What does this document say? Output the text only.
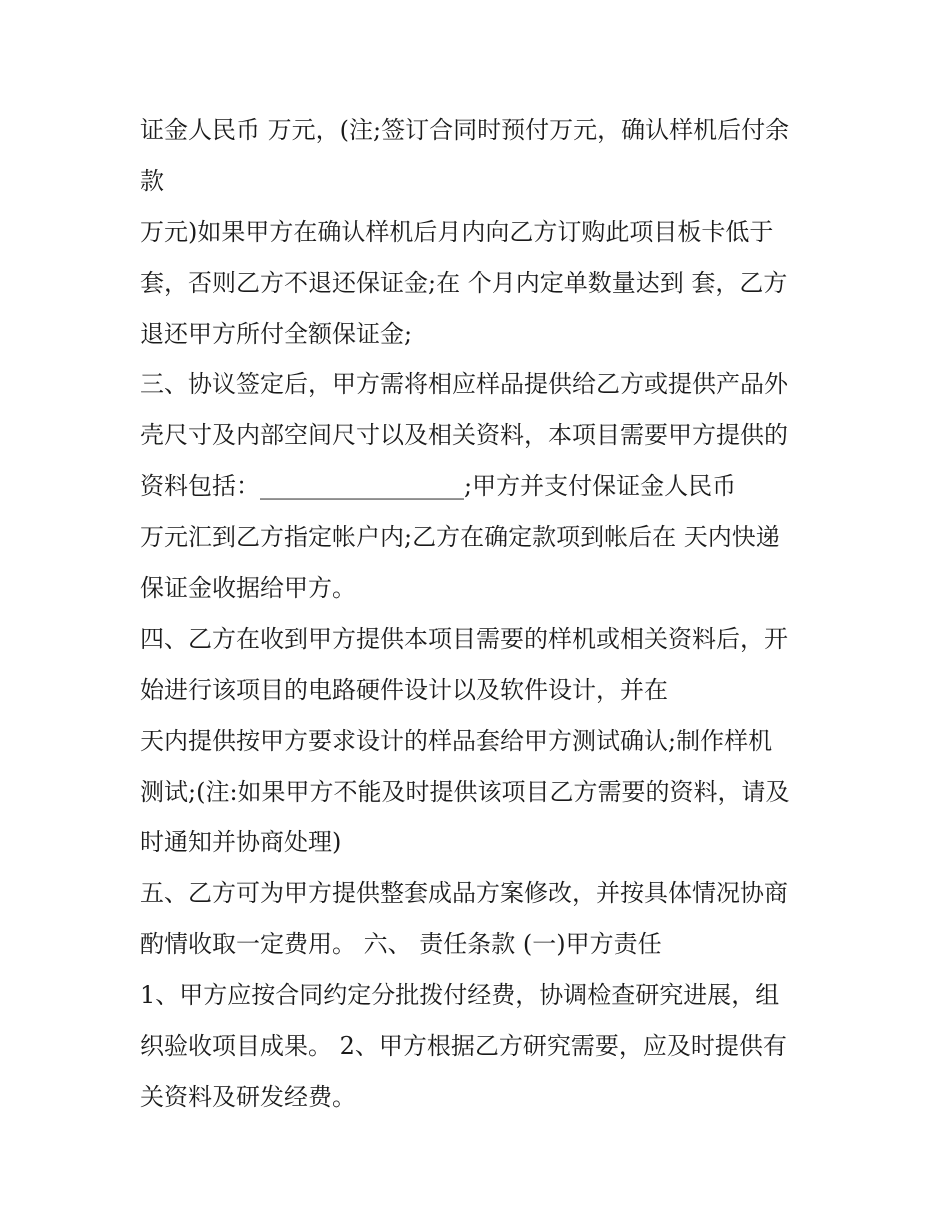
证金人民币 万元，(注;签订合同时预付万元，确认样机后付余
款
万元)如果甲方在确认样机后月内向乙方订购此项目板卡低于
套，否则乙方不退还保证金;在 个月内定单数量达到 套，乙方
退还甲方所付全额保证金;
三、协议签定后，甲方需将相应样品提供给乙方或提供产品外
壳尺寸及内部空间尺寸以及相关资料，本项目需要甲方提供的
资料包括：_________________;甲方并支付保证金人民币
万元汇到乙方指定帐户内;乙方在确定款项到帐后在 天内快递
保证金收据给甲方。
四、乙方在收到甲方提供本项目需要的样机或相关资料后，开
始进行该项目的电路硬件设计以及软件设计，并在
天内提供按甲方要求设计的样品套给甲方测试确认;制作样机
测试;(注:如果甲方不能及时提供该项目乙方需要的资料，请及
时通知并协商处理)
五、乙方可为甲方提供整套成品方案修改，并按具体情况协商
酌情收取一定费用。 六、 责任条款 (一)甲方责任
1、甲方应按合同约定分批拨付经费，协调检查研究进展，组
织验收项目成果。 2、甲方根据乙方研究需要，应及时提供有
关资料及研发经费。
